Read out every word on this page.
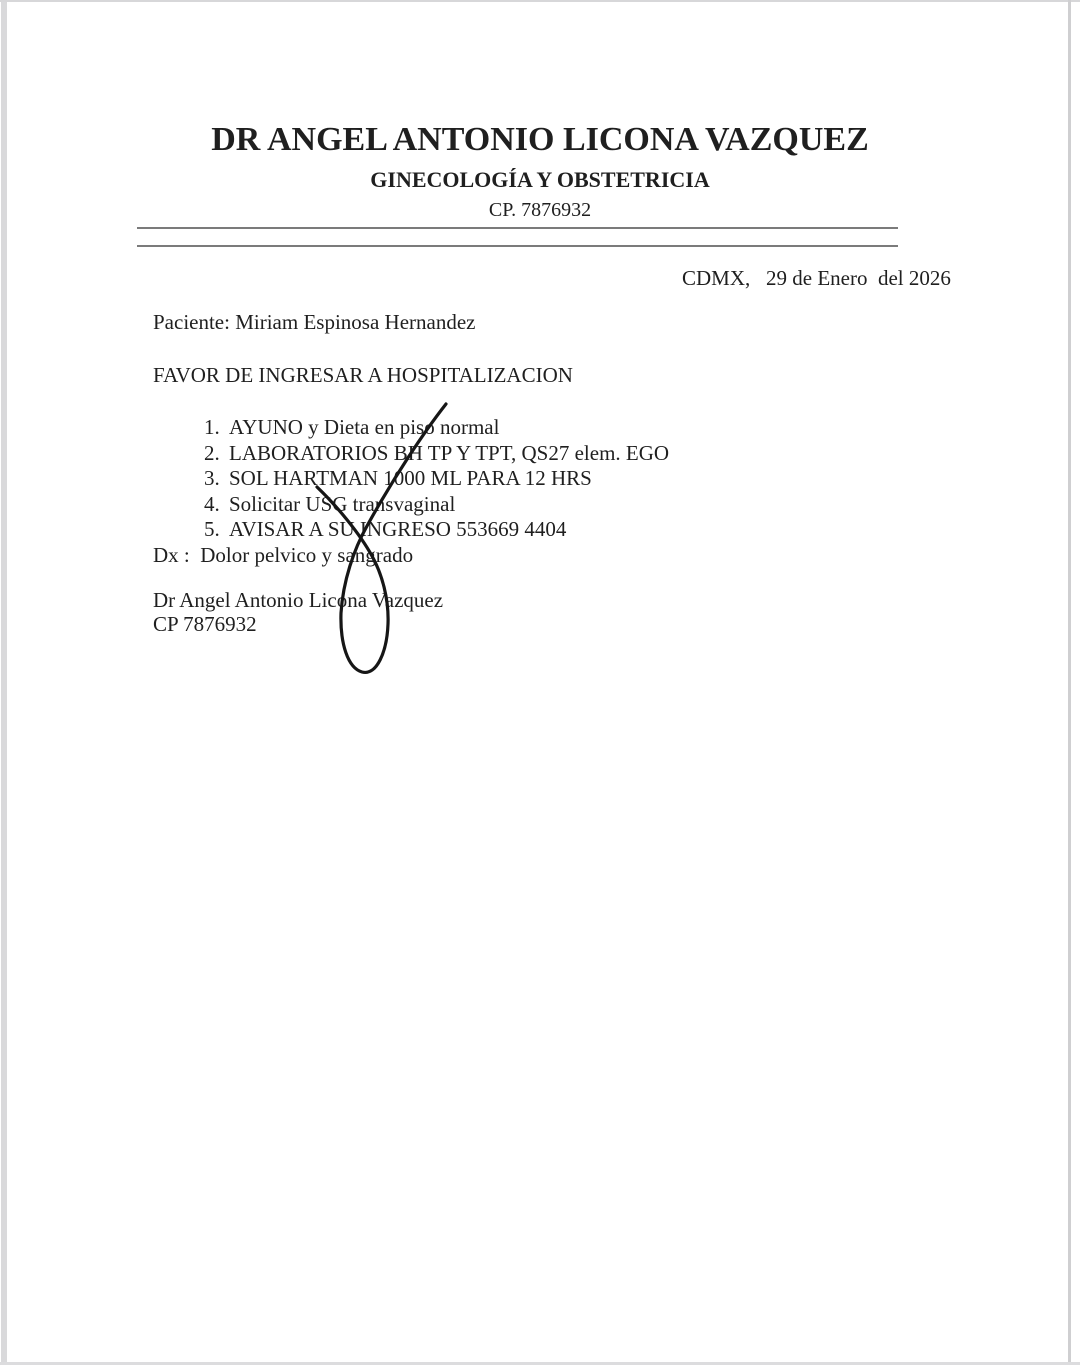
DR ANGEL ANTONIO LICONA VAZQUEZ
GINECOLOGÍA Y OBSTETRICIA
CP. 7876932
CDMX,   29 de Enero  del 2026
Paciente: Miriam Espinosa Hernandez
FAVOR DE INGRESAR A HOSPITALIZACION

1. AYUNO y Dieta en piso normal

2. LABORATORIOS BH TP Y TPT, QS27 elem. EGO

3. SOL HARTMAN 1000 ML PARA 12 HRS

4. Solicitar USG transvaginal

5. AVISAR A SU INGRESO 553669 4404

Dx :  Dolor pelvico y sangrado
Dr Angel Antonio Licona Vazquez
CP 7876932
